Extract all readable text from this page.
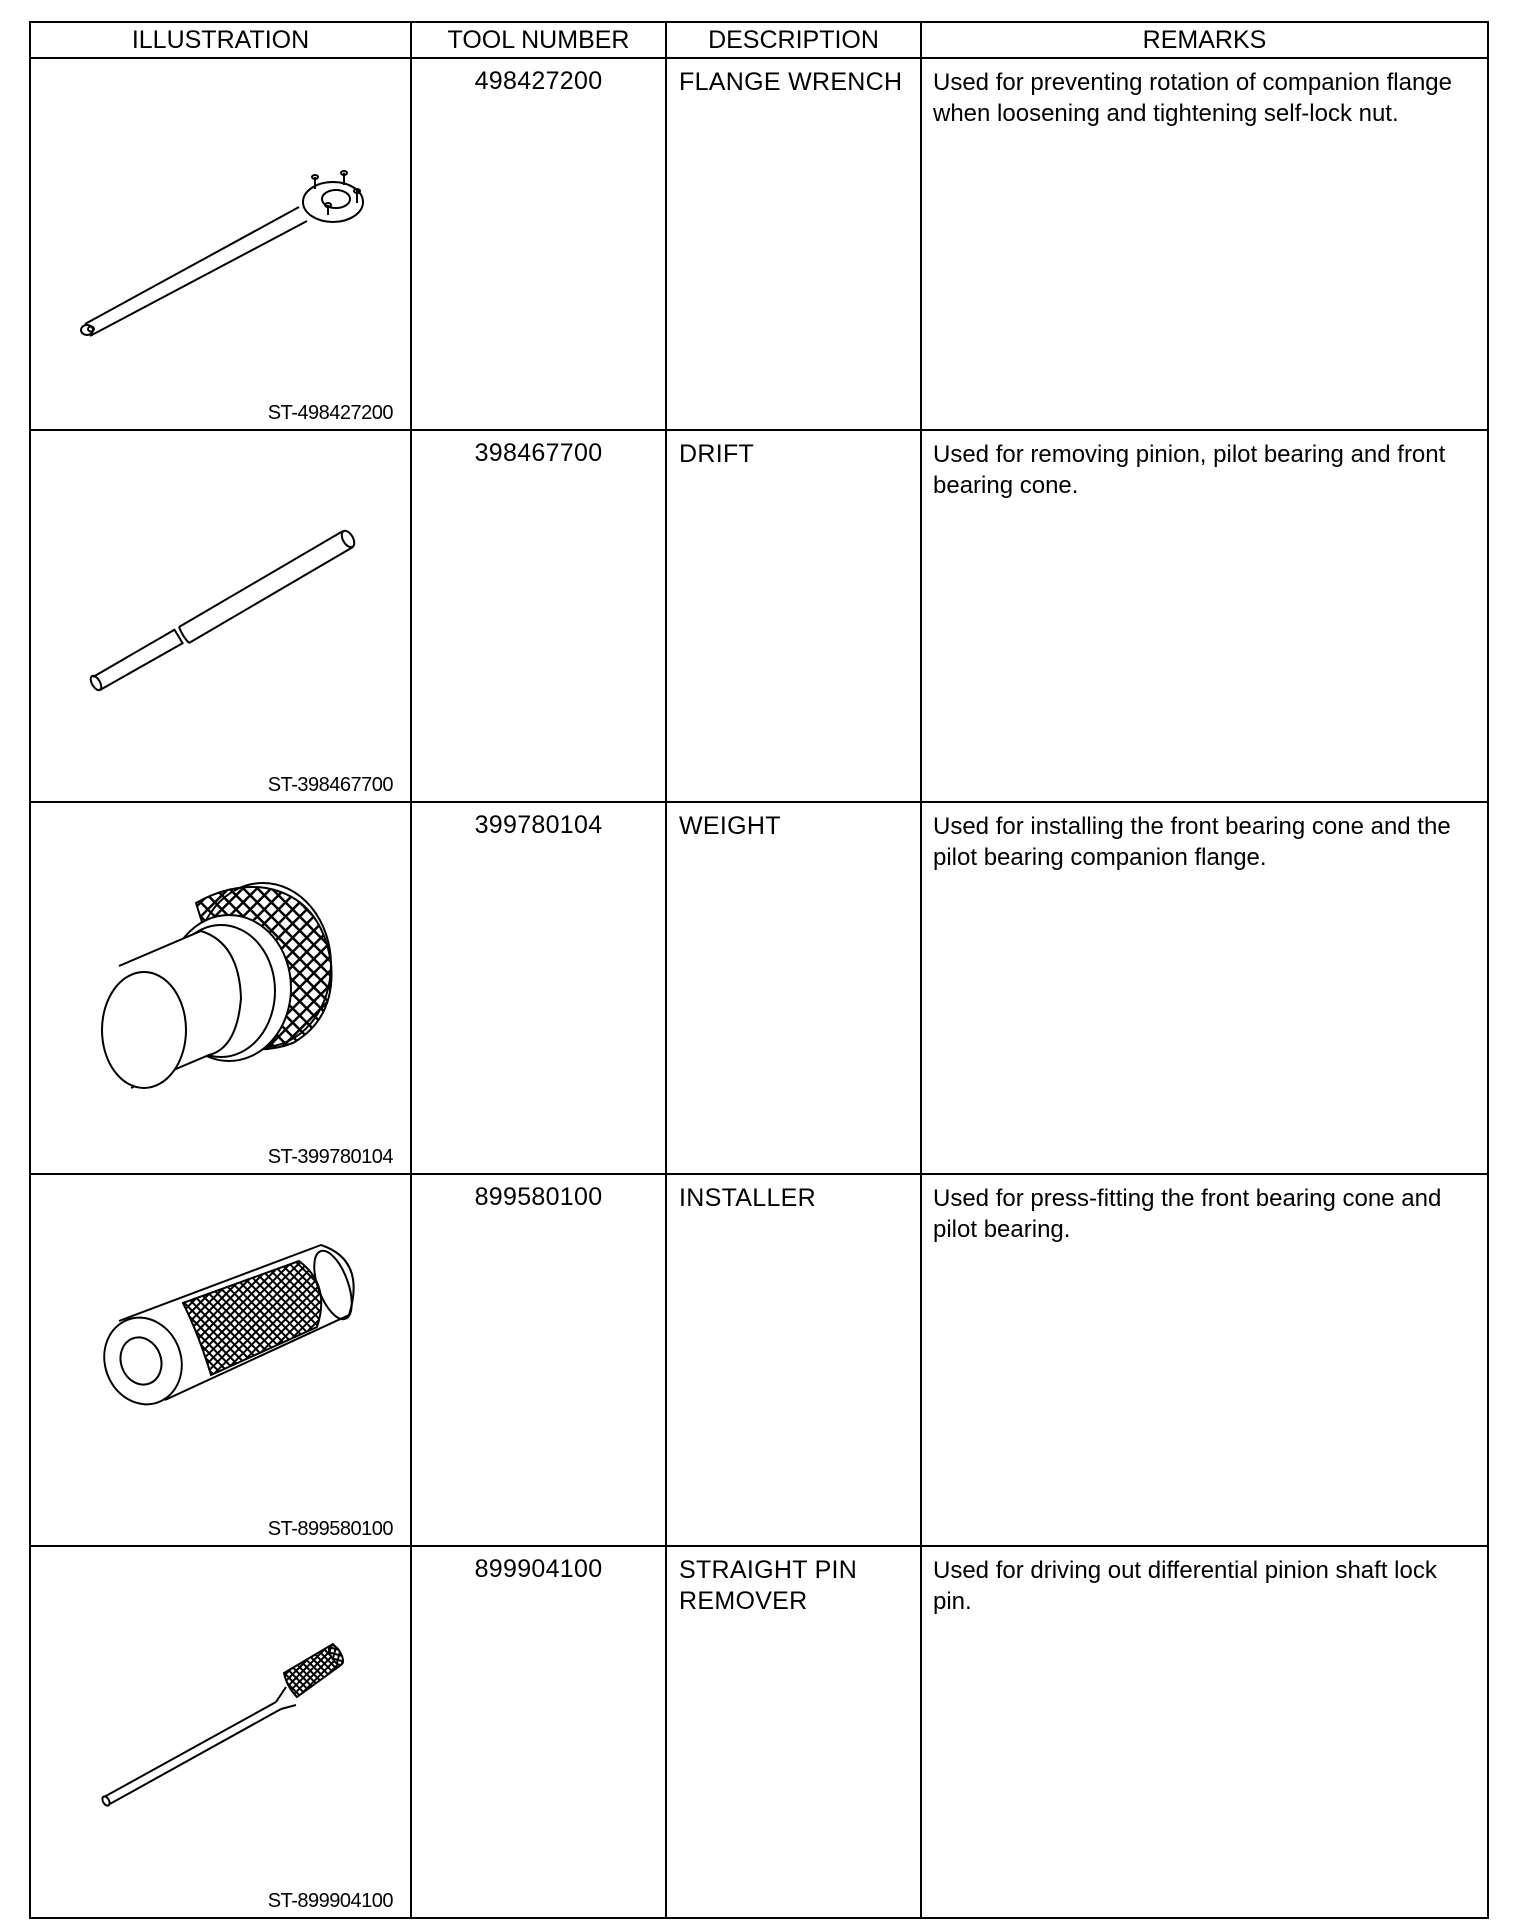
ILLUSTRATION	TOOL NUMBER	DESCRIPTION	REMARKS

ST-498427200	498427200	FLANGE WRENCH	Used for preventing rotation of companion flange when loosening and tightening self-lock nut.

ST-398467700	398467700	DRIFT	Used for removing pinion, pilot bearing and front bearing cone.

ST-399780104	399780104	WEIGHT	Used for installing the front bearing cone and the pilot bearing companion flange.

ST-899580100	899580100	INSTALLER	Used for press-fitting the front bearing cone and pilot bearing.

ST-899904100	899904100	STRAIGHT PIN REMOVER	Used for driving out differential pinion shaft lock pin.
